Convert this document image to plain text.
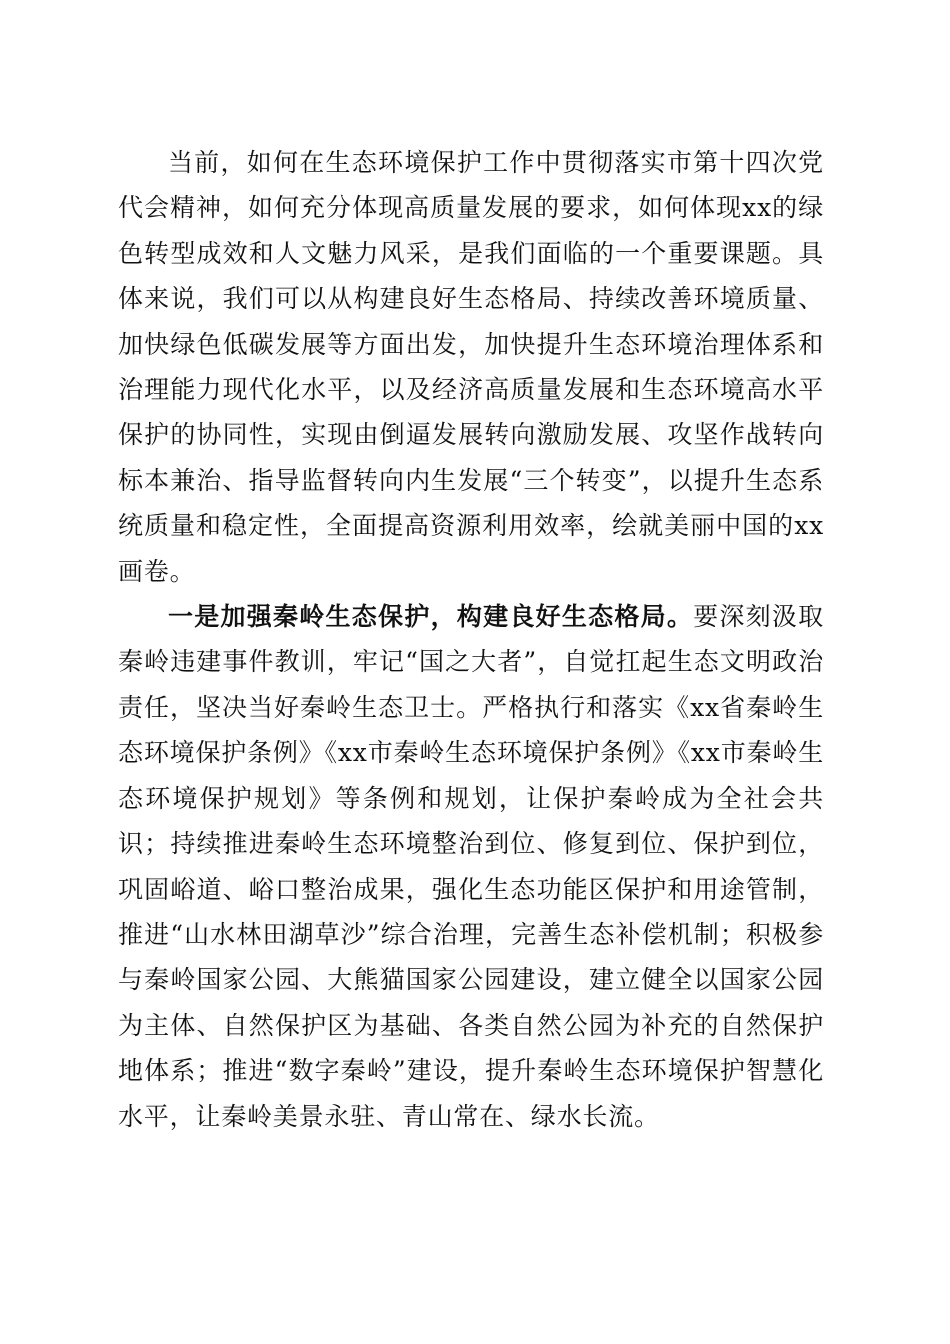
当前，如何在生态环境保护工作中贯彻落实市第十四次党代会精神，如何充分体现高质量发展的要求，如何体现xx的绿色转型成效和人文魅力风采，是我们面临的一个重要课题。具体来说，我们可以从构建良好生态格局、持续改善环境质量、加快绿色低碳发展等方面出发，加快提升生态环境治理体系和治理能力现代化水平，以及经济高质量发展和生态环境高水平保护的协同性，实现由倒逼发展转向激励发展、攻坚作战转向标本兼治、指导监督转向内生发展“三个转变”，以提升生态系统质量和稳定性，全面提高资源利用效率，绘就美丽中国的xx画卷。

一是加强秦岭生态保护，构建良好生态格局。要深刻汲取秦岭违建事件教训，牢记“国之大者”，自觉扛起生态文明政治责任，坚决当好秦岭生态卫士。严格执行和落实《xx省秦岭生态环境保护条例》《xx市秦岭生态环境保护条例》《xx市秦岭生态环境保护规划》等条例和规划，让保护秦岭成为全社会共识；持续推进秦岭生态环境整治到位、修复到位、保护到位，巩固峪道、峪口整治成果，强化生态功能区保护和用途管制，推进“山水林田湖草沙”综合治理，完善生态补偿机制；积极参与秦岭国家公园、大熊猫国家公园建设，建立健全以国家公园为主体、自然保护区为基础、各类自然公园为补充的自然保护地体系；推进“数字秦岭”建设，提升秦岭生态环境保护智慧化水平，让秦岭美景永驻、青山常在、绿水长流。
